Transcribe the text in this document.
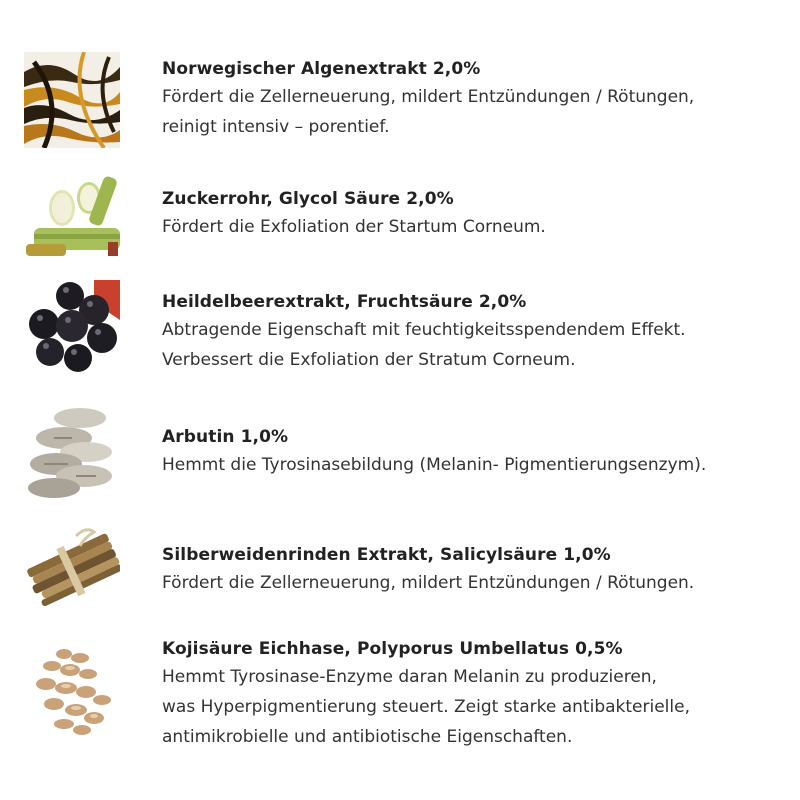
Norwegischer Algenextrakt 2,0%
Fördert die Zellerneuerung, mildert Entzündungen / Rötungen,
reinigt intensiv – porentief.
Zuckerrohr, Glycol Säure 2,0%
Fördert die Exfoliation der Startum Corneum.
Heildelbeerextrakt, Fruchtsäure 2,0%
Abtragende Eigenschaft mit feuchtigkeitsspendendem Effekt.
Verbessert die Exfoliation der Stratum Corneum.
Arbutin 1,0%
Hemmt die Tyrosinasebildung (Melanin- Pigmentierungsenzym).
Silberweidenrinden Extrakt, Salicylsäure 1,0%
Fördert die Zellerneuerung, mildert Entzündungen / Rötungen.
Kojisäure Eichhase, Polyporus Umbellatus 0,5%
Hemmt Tyrosinase-Enzyme daran Melanin zu produzieren,
was Hyperpigmentierung steuert. Zeigt starke antibakterielle,
antimikrobielle und antibiotische Eigenschaften.
